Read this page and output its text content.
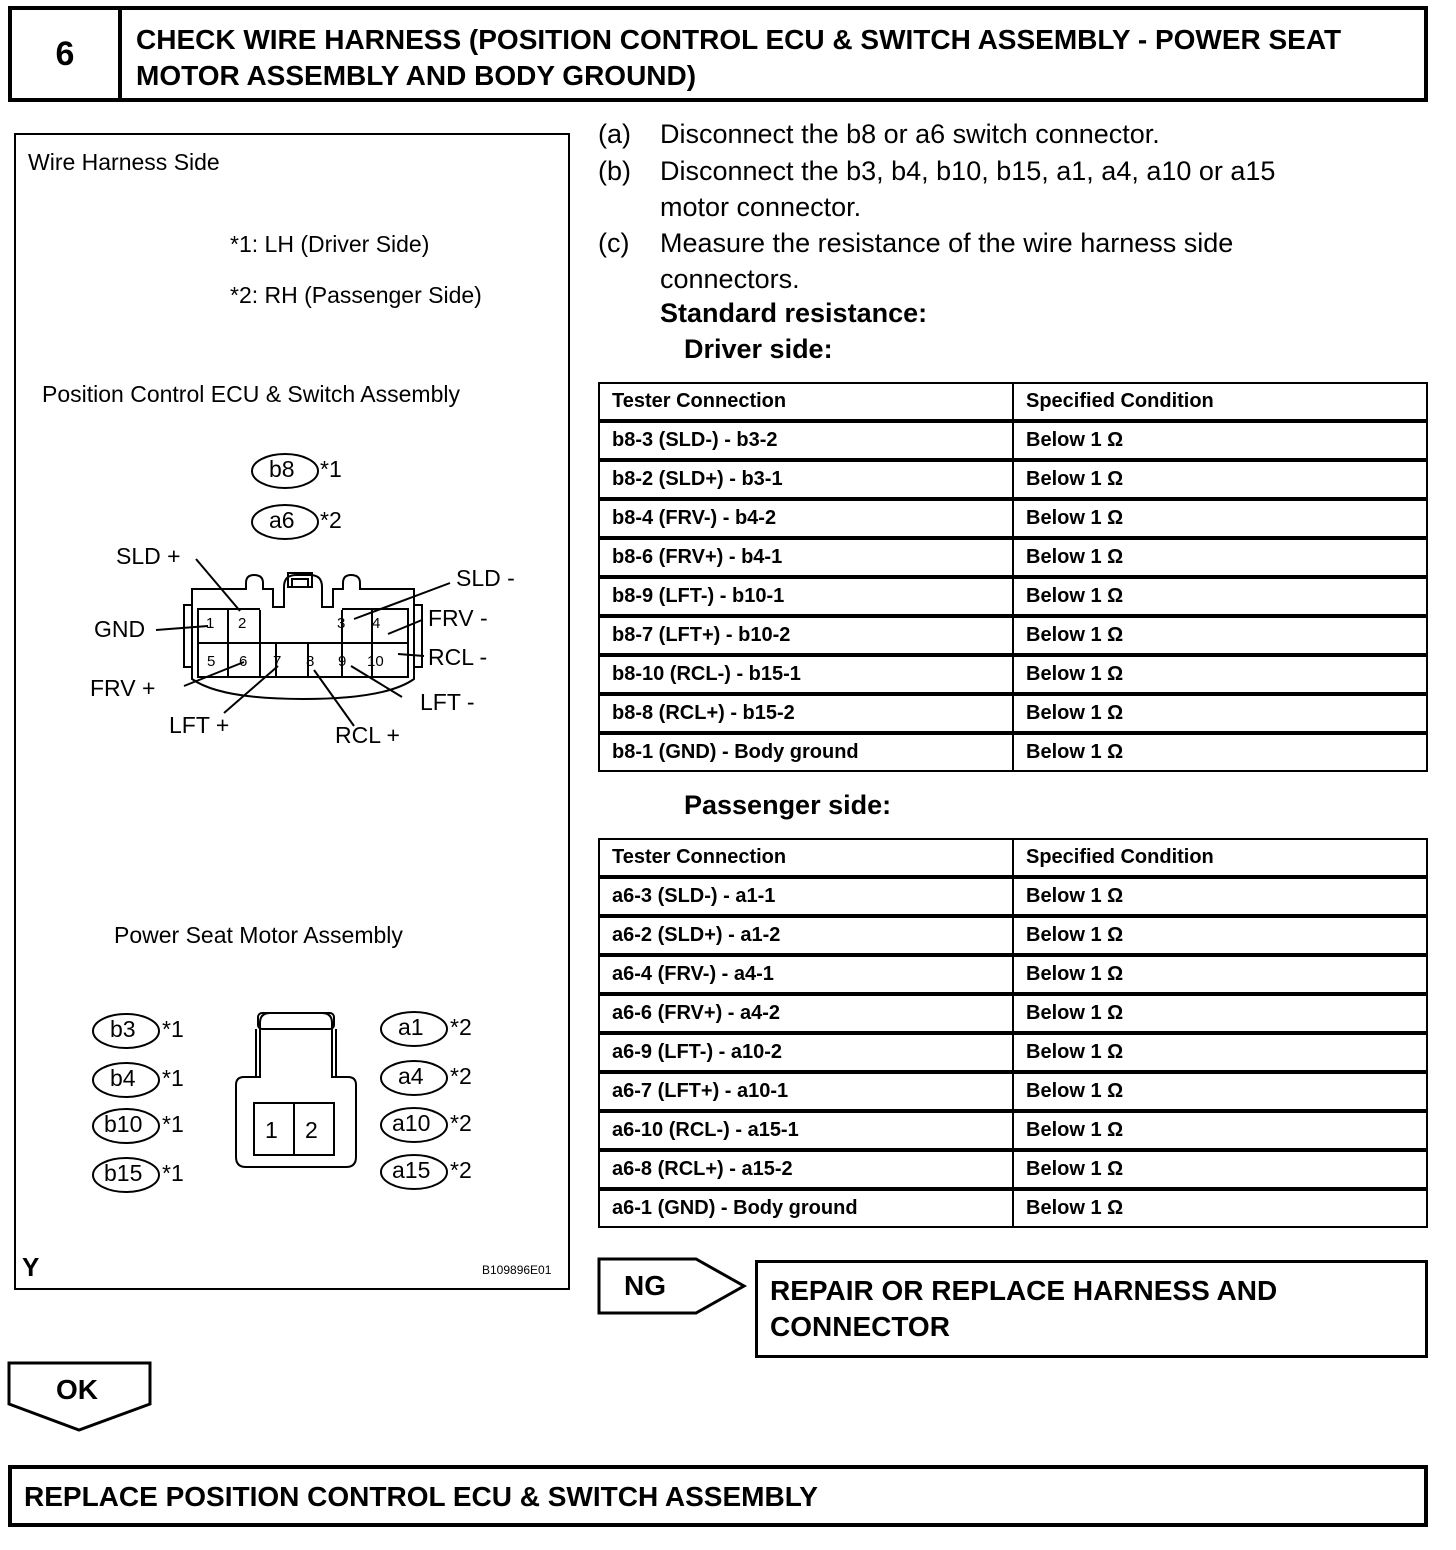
6	CHECK WIRE HARNESS (POSITION CONTROL ECU & SWITCH ASSEMBLY - POWER SEAT MOTOR ASSEMBLY AND BODY GROUND)
Wire Harness Side
*1: LH (Driver Side)
*2: RH (Passenger Side)
Position Control ECU & Switch Assembly
b8 *1
a6 *2
SLD +
SLD -
GND	FRV -
RCL -
FRV +
LFT -
LFT +	RCL +
1 2	3 4
5 6 7 8 9 10
Power Seat Motor Assembly
b3 *1
b4 *1
b10 *1
b15 *1
a1 *2
a4 *2
a10 *2
a15 *2
1 2
Y	B109896E01
(a) Disconnect the b8 or a6 switch connector.
(b) Disconnect the b3, b4, b10, b15, a1, a4, a10 or a15
motor connector.
(c) Measure the resistance of the wire harness side
connectors.
Standard resistance:
Driver side:
Tester Connection	Specified Condition
b8-3 (SLD-) - b3-2	Below 1 Ω
b8-2 (SLD+) - b3-1	Below 1 Ω
b8-4 (FRV-) - b4-2	Below 1 Ω
b8-6 (FRV+) - b4-1	Below 1 Ω
b8-9 (LFT-) - b10-1	Below 1 Ω
b8-7 (LFT+) - b10-2	Below 1 Ω
b8-10 (RCL-) - b15-1	Below 1 Ω
b8-8 (RCL+) - b15-2	Below 1 Ω
b8-1 (GND) - Body ground	Below 1 Ω
Passenger side:
Tester Connection	Specified Condition
a6-3 (SLD-) - a1-1	Below 1 Ω
a6-2 (SLD+) - a1-2	Below 1 Ω
a6-4 (FRV-) - a4-1	Below 1 Ω
a6-6 (FRV+) - a4-2	Below 1 Ω
a6-9 (LFT-) - a10-2	Below 1 Ω
a6-7 (LFT+) - a10-1	Below 1 Ω
a6-10 (RCL-) - a15-1	Below 1 Ω
a6-8 (RCL+) - a15-2	Below 1 Ω
a6-1 (GND) - Body ground	Below 1 Ω
NG	REPAIR OR REPLACE HARNESS AND
CONNECTOR
OK
REPLACE POSITION CONTROL ECU & SWITCH ASSEMBLY
